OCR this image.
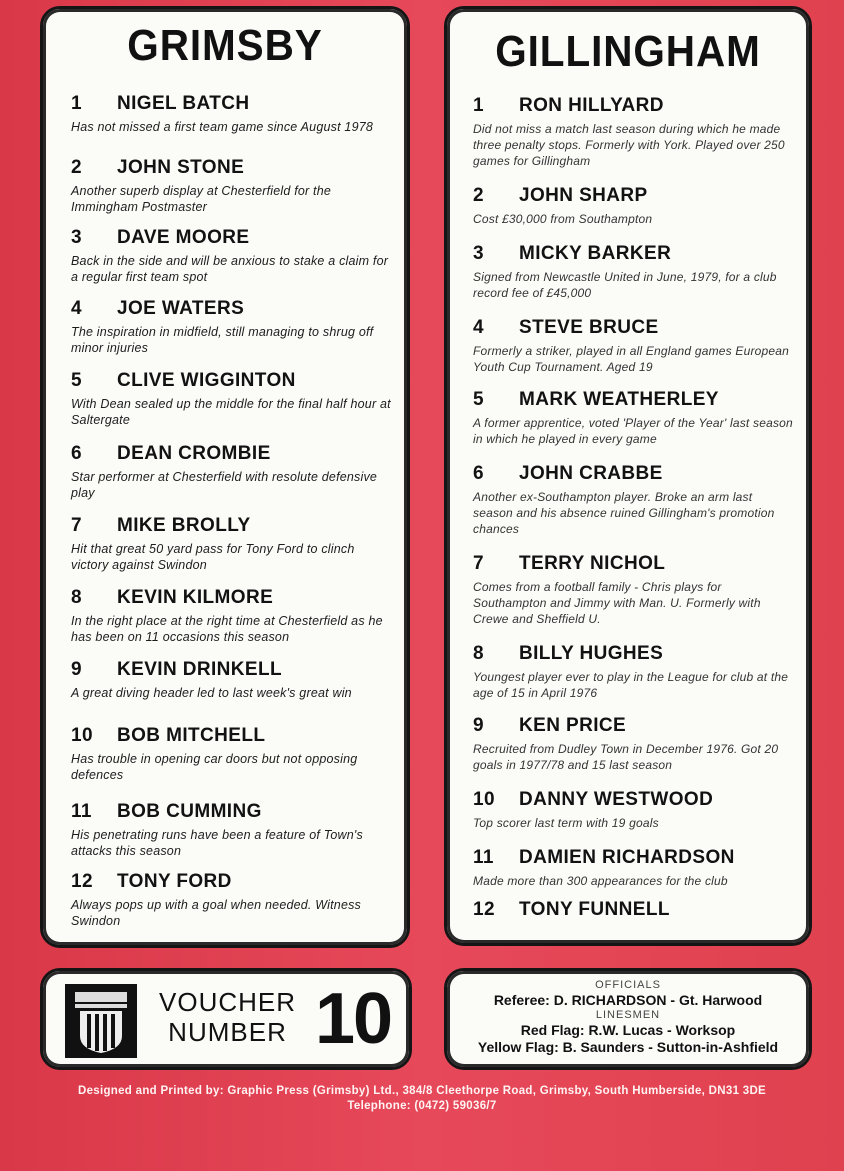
GRIMSBY
1 NIGEL BATCH
Has not missed a first team game since August 1978
2 JOHN STONE
Another superb display at Chesterfield for the Immingham Postmaster
3 DAVE MOORE
Back in the side and will be anxious to stake a claim for a regular first team spot
4 JOE WATERS
The inspiration in midfield, still managing to shrug off minor injuries
5 CLIVE WIGGINTON
With Dean sealed up the middle for the final half hour at Saltergate
6 DEAN CROMBIE
Star performer at Chesterfield with resolute defensive play
7 MIKE BROLLY
Hit that great 50 yard pass for Tony Ford to clinch victory against Swindon
8 KEVIN KILMORE
In the right place at the right time at Chesterfield as he has been on 11 occasions this season
9 KEVIN DRINKELL
A great diving header led to last week's great win
10 BOB MITCHELL
Has trouble in opening car doors but not opposing defences
11 BOB CUMMING
His penetrating runs have been a feature of Town's attacks this season
12 TONY FORD
Always pops up with a goal when needed. Witness Swindon
GILLINGHAM
1 RON HILLYARD
Did not miss a match last season during which he made three penalty stops. Formerly with York. Played over 250 games for Gillingham
2 JOHN SHARP
Cost £30,000 from Southampton
3 MICKY BARKER
Signed from Newcastle United in June, 1979, for a club record fee of £45,000
4 STEVE BRUCE
Formerly a striker, played in all England games European Youth Cup Tournament. Aged 19
5 MARK WEATHERLEY
A former apprentice, voted 'Player of the Year' last season in which he played in every game
6 JOHN CRABBE
Another ex-Southampton player. Broke an arm last season and his absence ruined Gillingham's promotion chances
7 TERRY NICHOL
Comes from a football family - Chris plays for Southampton and Jimmy with Man. U. Formerly with Crewe and Sheffield U.
8 BILLY HUGHES
Youngest player ever to play in the League for club at the age of 15 in April 1976
9 KEN PRICE
Recruited from Dudley Town in December 1976. Got 20 goals in 1977/78 and 15 last season
10 DANNY WESTWOOD
Top scorer last term with 19 goals
11 DAMIEN RICHARDSON
Made more than 300 appearances for the club
12 TONY FUNNELL
VOUCHER
NUMBER 10	OFFICIALS
Referee: D. RICHARDSON - Gt. Harwood
LINESMEN
Red Flag: R.W. Lucas - Worksop
Yellow Flag: B. Saunders - Sutton-in-Ashfield
Designed and Printed by: Graphic Press (Grimsby) Ltd., 384/8 Cleethorpe Road, Grimsby, South Humberside, DN31 3DE
Telephone: (0472) 59036/7
